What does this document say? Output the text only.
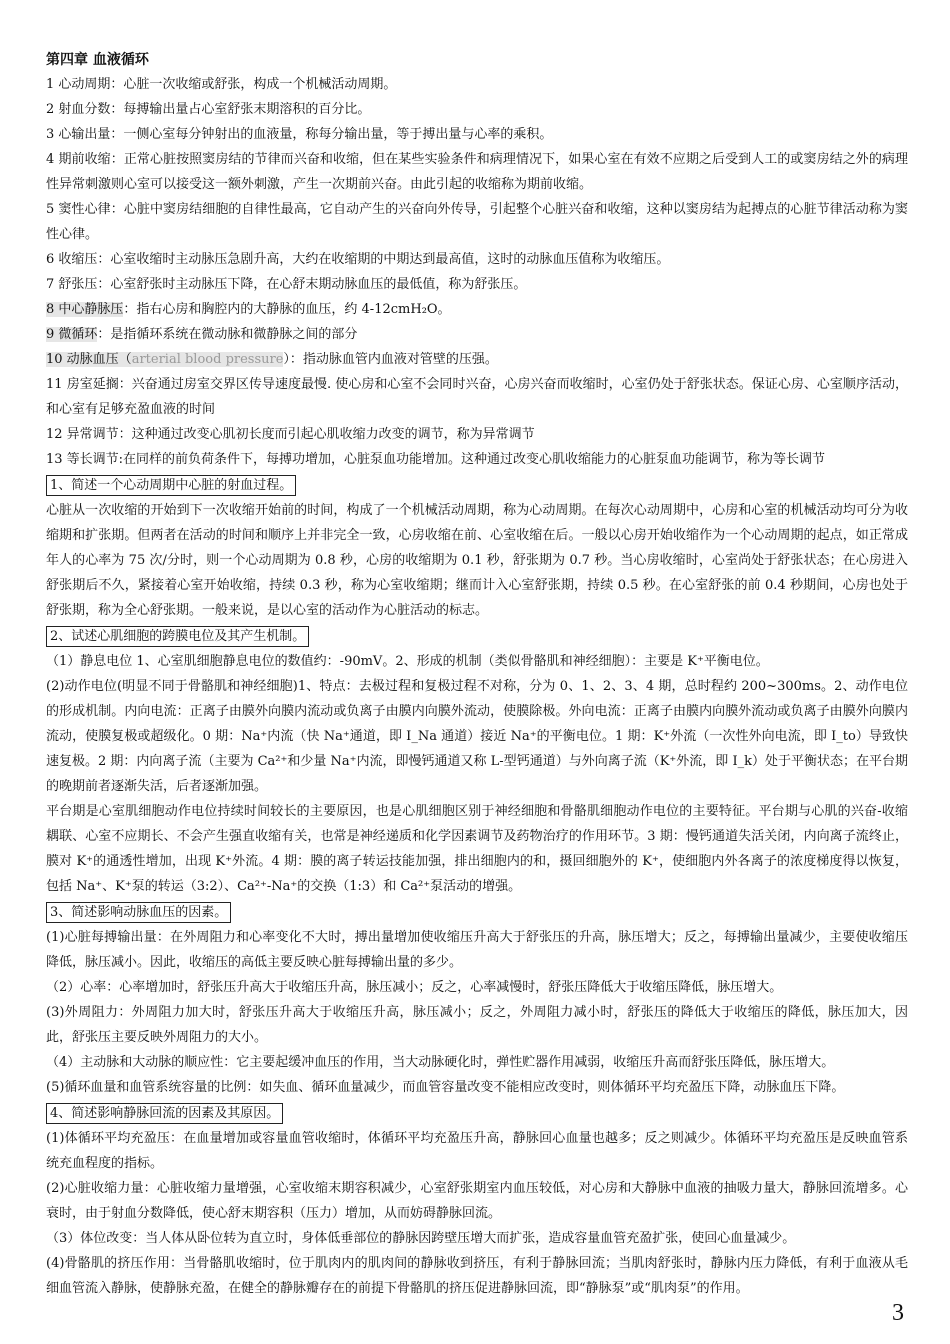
第四章 血液循环

1 心动周期：心脏一次收缩或舒张，构成一个机械活动周期。

2 射血分数：每搏输出量占心室舒张末期溶积的百分比。

3 心输出量：一侧心室每分钟射出的血液量，称每分输出量，等于搏出量与心率的乘积。

4 期前收缩：正常心脏按照窦房结的节律而兴奋和收缩，但在某些实验条件和病理情况下，如果心室在有效不应期之后受到人工的或窦房结之外的病理性异常刺激则心室可以接受这一额外刺激，产生一次期前兴奋。由此引起的收缩称为期前收缩。

5 窦性心律：心脏中窦房结细胞的自律性最高，它自动产生的兴奋向外传导，引起整个心脏兴奋和收缩，这种以窦房结为起搏点的心脏节律活动称为窦性心律。

6 收缩压：心室收缩时主动脉压急剧升高，大约在收缩期的中期达到最高值，这时的动脉血压值称为收缩压。

7 舒张压：心室舒张时主动脉压下降，在心舒末期动脉血压的最低值，称为舒张压。

8 中心静脉压：指右心房和胸腔内的大静脉的血压，约 4-12cmH₂O。

9 微循环：是指循环系统在微动脉和微静脉之间的部分

10 动脉血压（arterial blood pressure）：指动脉血管内血液对管壁的压强。

11 房室延搁：兴奋通过房室交界区传导速度最慢. 使心房和心室不会同时兴奋，心房兴奋而收缩时，心室仍处于舒张状态。保证心房、心室顺序活动，和心室有足够充盈血液的时间

12 异常调节：这种通过改变心肌初长度而引起心肌收缩力改变的调节，称为异常调节

13 等长调节:在同样的前负荷条件下，每搏功增加，心脏泵血功能增加。这种通过改变心肌收缩能力的心脏泵血功能调节，称为等长调节

1、简述一个心动周期中心脏的射血过程。

心脏从一次收缩的开始到下一次收缩开始前的时间，构成了一个机械活动周期，称为心动周期。在每次心动周期中，心房和心室的机械活动均可分为收缩期和扩张期。但两者在活动的时间和顺序上并非完全一致，心房收缩在前、心室收缩在后。一般以心房开始收缩作为一个心动周期的起点，如正常成年人的心率为 75 次/分时，则一个心动周期为 0.8 秒，心房的收缩期为 0.1 秒，舒张期为 0.7 秒。当心房收缩时，心室尚处于舒张状态；在心房进入舒张期后不久，紧接着心室开始收缩，持续 0.3 秒，称为心室收缩期；继而计入心室舒张期，持续 0.5 秒。在心室舒张的前 0.4 秒期间，心房也处于舒张期，称为全心舒张期。一般来说，是以心室的活动作为心脏活动的标志。

2、试述心肌细胞的跨膜电位及其产生机制。

（1）静息电位 1、心室肌细胞静息电位的数值约：-90mV。2、形成的机制（类似骨骼肌和神经细胞）：主要是 K⁺平衡电位。

(2)动作电位(明显不同于骨骼肌和神经细胞)1、特点：去极过程和复极过程不对称，分为 0、1、2、3、4 期，总时程约 200~300ms。2、动作电位的形成机制。内向电流：正离子由膜外向膜内流动或负离子由膜内向膜外流动，使膜除极。外向电流：正离子由膜内向膜外流动或负离子由膜外向膜内流动，使膜复极或超级化。0 期：Na⁺内流（快 Na⁺通道，即 I_Na 通道）接近 Na⁺的平衡电位。1 期：K⁺外流（一次性外向电流，即 I_to）导致快速复极。2 期：内向离子流（主要为 Ca²⁺和少量 Na⁺内流，即慢钙通道又称 L-型钙通道）与外向离子流（K⁺外流，即 I_k）处于平衡状态；在平台期的晚期前者逐渐失活，后者逐渐加强。

平台期是心室肌细胞动作电位持续时间较长的主要原因，也是心肌细胞区别于神经细胞和骨骼肌细胞动作电位的主要特征。平台期与心肌的兴奋-收缩耦联、心室不应期长、不会产生强直收缩有关，也常是神经递质和化学因素调节及药物治疗的作用环节。3 期：慢钙通道失活关闭，内向离子流终止，膜对 K⁺的通透性增加，出现 K⁺外流。4 期：膜的离子转运技能加强，排出细胞内的和，摄回细胞外的 K⁺，使细胞内外各离子的浓度梯度得以恢复，包括 Na⁺、K⁺泵的转运（3:2）、Ca²⁺-Na⁺的交换（1:3）和 Ca²⁺泵活动的增强。

3、简述影响动脉血压的因素。

(1)心脏每搏输出量：在外周阻力和心率变化不大时，搏出量增加使收缩压升高大于舒张压的升高，脉压增大；反之，每搏输出量减少，主要使收缩压降低，脉压减小。因此，收缩压的高低主要反映心脏每搏输出量的多少。

（2）心率：心率增加时，舒张压升高大于收缩压升高，脉压减小；反之，心率减慢时，舒张压降低大于收缩压降低，脉压增大。

(3)外周阻力：外周阻力加大时，舒张压升高大于收缩压升高，脉压减小；反之，外周阻力减小时，舒张压的降低大于收缩压的降低，脉压加大，因此，舒张压主要反映外周阻力的大小。

（4）主动脉和大动脉的顺应性：它主要起缓冲血压的作用，当大动脉硬化时，弹性贮器作用减弱，收缩压升高而舒张压降低，脉压增大。

(5)循环血量和血管系统容量的比例：如失血、循环血量减少，而血管容量改变不能相应改变时，则体循环平均充盈压下降，动脉血压下降。

4、简述影响静脉回流的因素及其原因。

(1)体循环平均充盈压：在血量增加或容量血管收缩时，体循环平均充盈压升高，静脉回心血量也越多；反之则减少。体循环平均充盈压是反映血管系统充血程度的指标。

(2)心脏收缩力量：心脏收缩力量增强，心室收缩末期容积减少，心室舒张期室内血压较低，对心房和大静脉中血液的抽吸力量大，静脉回流增多。心衰时，由于射血分数降低，使心舒末期容积（压力）增加，从而妨碍静脉回流。

（3）体位改变：当人体从卧位转为直立时，身体低垂部位的静脉因跨壁压增大而扩张，造成容量血管充盈扩张，使回心血量减少。

(4)骨骼肌的挤压作用：当骨骼肌收缩时，位于肌肉内的肌肉间的静脉收到挤压，有利于静脉回流；当肌肉舒张时，静脉内压力降低，有利于血液从毛细血管流入静脉，使静脉充盈，在健全的静脉瓣存在的前提下骨骼肌的挤压促进静脉回流，即“静脉泵”或“肌肉泵”的作用。

3
